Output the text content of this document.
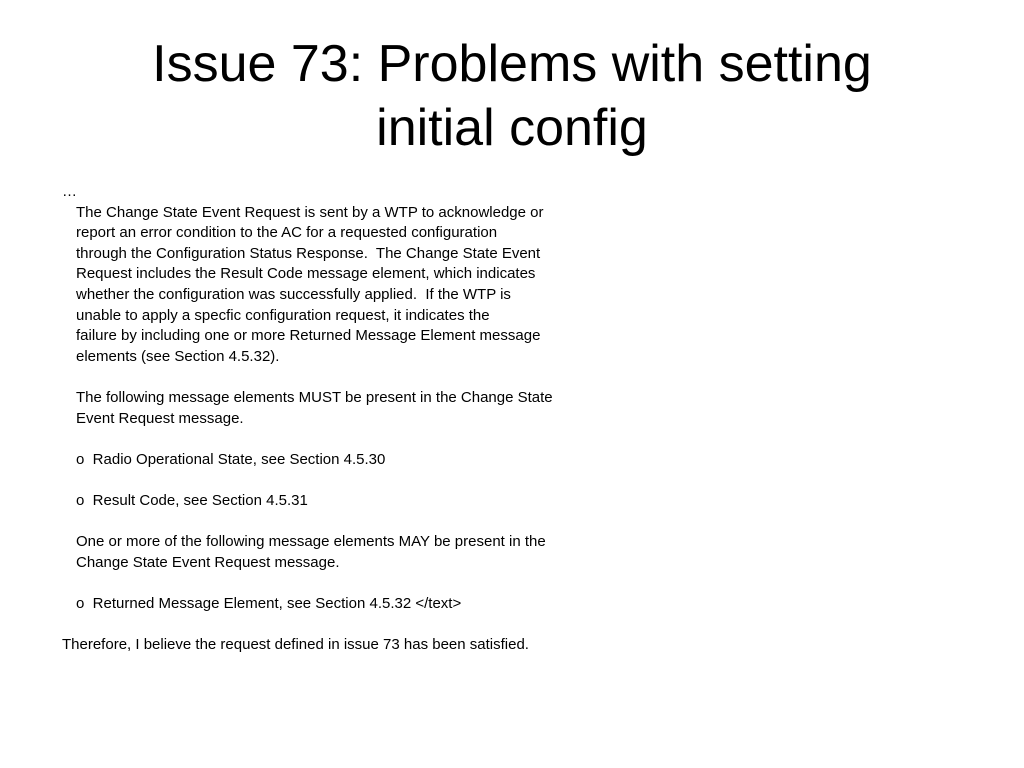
Issue 73: Problems with setting
initial config
…
The Change State Event Request is sent by a WTP to acknowledge or
report an error condition to the AC for a requested configuration
through the Configuration Status Response.  The Change State Event
Request includes the Result Code message element, which indicates
whether the configuration was successfully applied.  If the WTP is
unable to apply a specfic configuration request, it indicates the
failure by including one or more Returned Message Element message
elements (see Section 4.5.32).
The following message elements MUST be present in the Change State
Event Request message.
o  Radio Operational State, see Section 4.5.30
o  Result Code, see Section 4.5.31
One or more of the following message elements MAY be present in the
Change State Event Request message.
o  Returned Message Element, see Section 4.5.32 </text>
Therefore, I believe the request defined in issue 73 has been satisfied.
